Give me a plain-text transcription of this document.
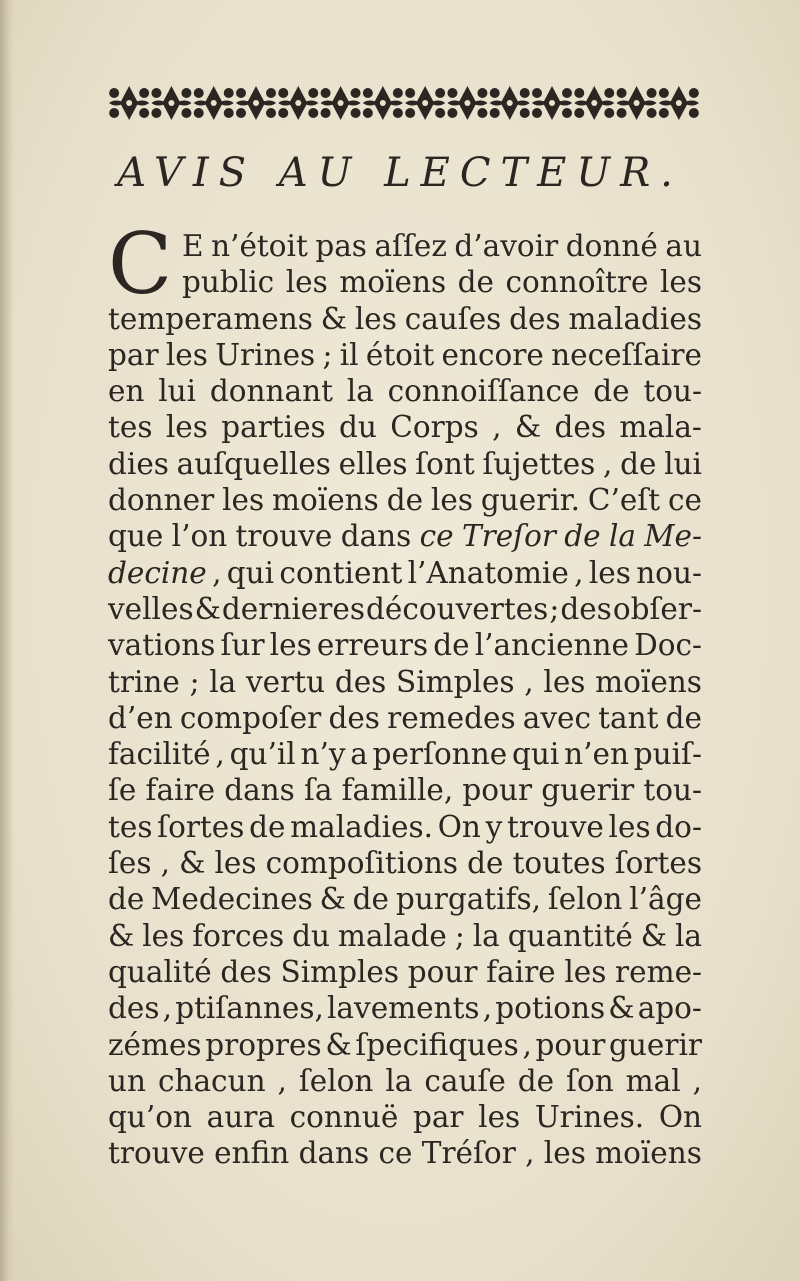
AVIS AU LECTEUR.
C E n’étoit pas aſſez d’avoir donné au
public les moïens de connoître les
temperamens & les cauſes des maladies
par les Urines ; il étoit encore neceſſaire
en lui donnant la connoiſſance de tou-
tes les parties du Corps , & des mala-
dies auſquelles elles ſont ſujettes , de lui
donner les moïens de les guerir. C’eſt ce
que l’on trouve dans ce Treſor de la Me-
decine , qui contient l’Anatomie , les nou-
velles & dernieres découvertes ; des obſer-
vations ſur les erreurs de l’ancienne Doc-
trine ; la vertu des Simples , les moïens
d’en compoſer des remedes avec tant de
facilité , qu’il n’y a perſonne qui n’en puiſ-
ſe faire dans ſa famille, pour guerir tou-
tes ſortes de maladies. On y trouve les do-
ſes , & les compoſitions de toutes ſortes
de Medecines & de purgatifs, ſelon l’âge
& les forces du malade ; la quantité & la
qualité des Simples pour faire les reme-
des , ptiſannes, lavements , potions & apo-
zémes propres & ſpecifiques , pour guerir
un chacun , ſelon la cauſe de ſon mal ,
qu’on aura connuë par les Urines. On
trouve enfin dans ce Tréſor , les moïens
